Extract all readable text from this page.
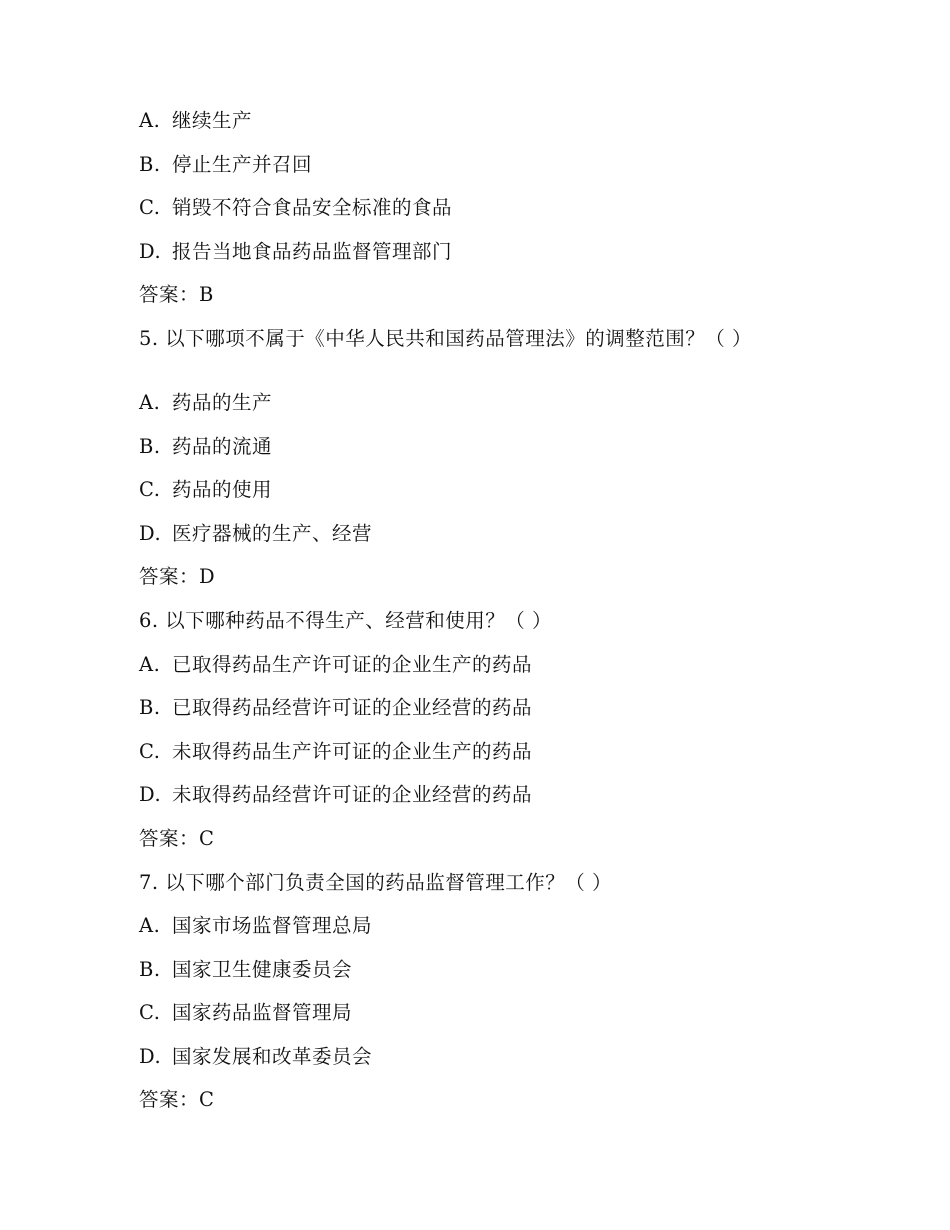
A. 继续生产
B. 停止生产并召回
C. 销毁不符合食品安全标准的食品
D. 报告当地食品药品监督管理部门
答案：B
5. 以下哪项不属于《中华人民共和国药品管理法》的调整范围？（ ）
A. 药品的生产
B. 药品的流通
C. 药品的使用
D. 医疗器械的生产、经营
答案：D
6. 以下哪种药品不得生产、经营和使用？（ ）
A. 已取得药品生产许可证的企业生产的药品
B. 已取得药品经营许可证的企业经营的药品
C. 未取得药品生产许可证的企业生产的药品
D. 未取得药品经营许可证的企业经营的药品
答案：C
7. 以下哪个部门负责全国的药品监督管理工作？（ ）
A. 国家市场监督管理总局
B. 国家卫生健康委员会
C. 国家药品监督管理局
D. 国家发展和改革委员会
答案：C
